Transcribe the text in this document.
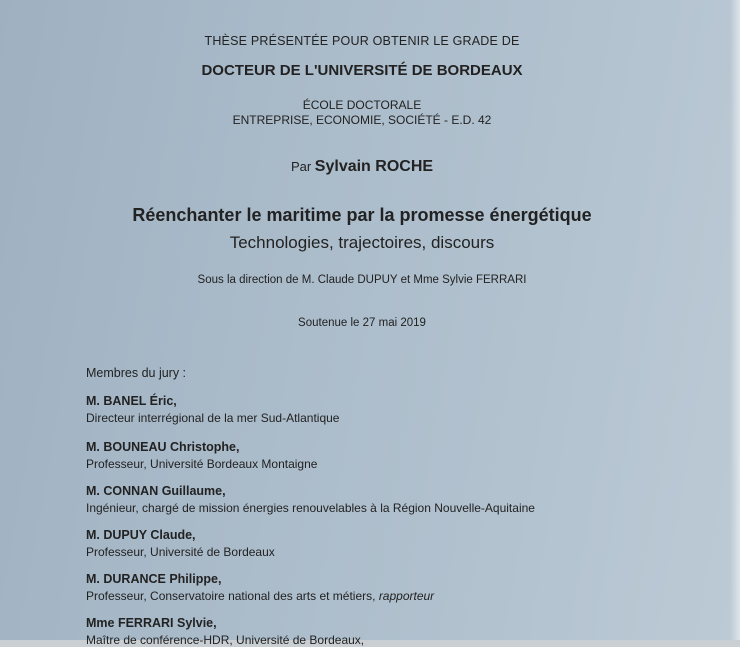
THÈSE PRÉSENTÉE POUR OBTENIR LE GRADE DE
DOCTEUR DE L'UNIVERSITÉ DE BORDEAUX
ÉCOLE DOCTORALE
ENTREPRISE, ECONOMIE, SOCIÉTÉ - E.D. 42
Par Sylvain ROCHE
Réenchanter le maritime par la promesse énergétique
Technologies, trajectoires, discours
Sous la direction de M. Claude DUPUY et Mme Sylvie FERRARI
Soutenue le 27 mai 2019
Membres du jury :
M. BANEL Éric,
Directeur interrégional de la mer Sud-Atlantique
M. BOUNEAU Christophe,
Professeur, Université Bordeaux Montaigne
M. CONNAN Guillaume,
Ingénieur, chargé de mission énergies renouvelables à la Région Nouvelle-Aquitaine
M. DUPUY Claude,
Professeur, Université de Bordeaux
M. DURANCE Philippe,
Professeur, Conservatoire national des arts et métiers, rapporteur
Mme FERRARI Sylvie,
Maître de conférence-HDR, Université de Bordeaux,
